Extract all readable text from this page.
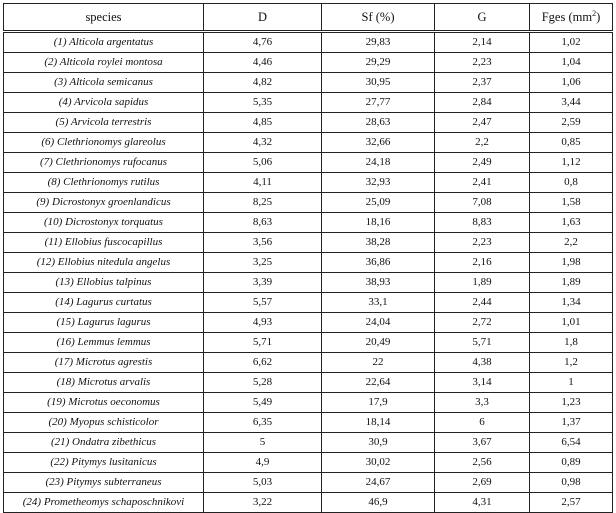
species	D	Sf (%)	G	Fges $(mm^2)$
(1) Alticola argentatus	4,76	29,83	2,14	1,02
(2) Alticola roylei montosa	4,46	29,29	2,23	1,04
(3) Alticola semicanus	4,82	30,95	2,37	1,06
(4) Arvicola sapidus	5,35	27,77	2,84	3,44
(5) Arvicola terrestris	4,85	28,63	2,47	2,59
(6) Clethrionomys glareolus	4,32	32,66	2,2	0,85
(7) Clethrionomys rufocanus	5,06	24,18	2,49	1,12
(8) Clethrionomys rutilus	4,11	32,93	2,41	0,8
(9) Dicrostonyx groenlandicus	8,25	25,09	7,08	1,58
(10) Dicrostonyx torquatus	8,63	18,16	8,83	1,63
(11) Ellobius fuscocapillus	3,56	38,28	2,23	2,2
(12) Ellobius nitedula angelus	3,25	36,86	2,16	1,98
(13) Ellobius talpinus	3,39	38,93	1,89	1,89
(14) Lagurus curtatus	5,57	33,1	2,44	1,34
(15) Lagurus lagurus	4,93	24,04	2,72	1,01
(16) Lemmus lemmus	5,71	20,49	5,71	1,8
(17) Microtus agrestis	6,62	22	4,38	1,2
(18) Microtus arvalis	5,28	22,64	3,14	1
(19) Microtus oeconomus	5,49	17,9	3,3	1,23
(20) Myopus schisticolor	6,35	18,14	6	1,37
(21) Ondatra zibethicus	5	30,9	3,67	6,54
(22) Pitymys lusitanicus	4,9	30,02	2,56	0,89
(23) Pitymys subterraneus	5,03	24,67	2,69	0,98
(24) Prometheomys schaposchnikovi	3,22	46,9	4,31	2,57
